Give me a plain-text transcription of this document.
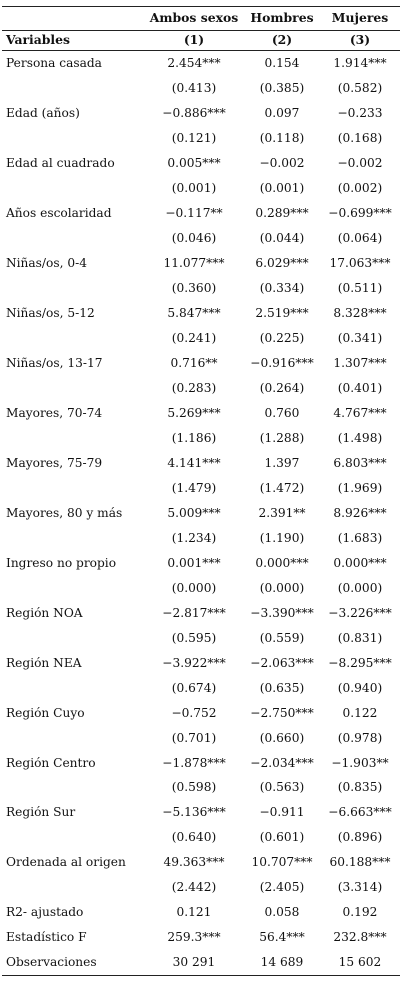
	Ambos sexos	Hombres	Mujeres
Variables	(1)	(2)	(3)
Persona casada	2.454***	0.154	1.914***
	(0.413)	(0.385)	(0.582)
Edad (años)	−0.886***	0.097	−0.233
	(0.121)	(0.118)	(0.168)
Edad al cuadrado	0.005***	−0.002	−0.002
	(0.001)	(0.001)	(0.002)
Años escolaridad	−0.117**	0.289***	−0.699***
	(0.046)	(0.044)	(0.064)
Niñas/os, 0-4	11.077***	6.029***	17.063***
	(0.360)	(0.334)	(0.511)
Niñas/os, 5-12	5.847***	2.519***	8.328***
	(0.241)	(0.225)	(0.341)
Niñas/os, 13-17	0.716**	−0.916***	1.307***
	(0.283)	(0.264)	(0.401)
Mayores, 70-74	5.269***	0.760	4.767***
	(1.186)	(1.288)	(1.498)
Mayores, 75-79	4.141***	1.397	6.803***
	(1.479)	(1.472)	(1.969)
Mayores, 80 y más	5.009***	2.391**	8.926***
	(1.234)	(1.190)	(1.683)
Ingreso no propio	0.001***	0.000***	0.000***
	(0.000)	(0.000)	(0.000)
Región NOA	−2.817***	−3.390***	−3.226***
	(0.595)	(0.559)	(0.831)
Región NEA	−3.922***	−2.063***	−8.295***
	(0.674)	(0.635)	(0.940)
Región Cuyo	−0.752	−2.750***	0.122
	(0.701)	(0.660)	(0.978)
Región Centro	−1.878***	−2.034***	−1.903**
	(0.598)	(0.563)	(0.835)
Región Sur	−5.136***	−0.911	−6.663***
	(0.640)	(0.601)	(0.896)
Ordenada al origen	49.363***	10.707***	60.188***
	(2.442)	(2.405)	(3.314)
R2- ajustado	0.121	0.058	0.192
Estadístico F	259.3***	56.4***	232.8***
Observaciones	30 291	14 689	15 602
